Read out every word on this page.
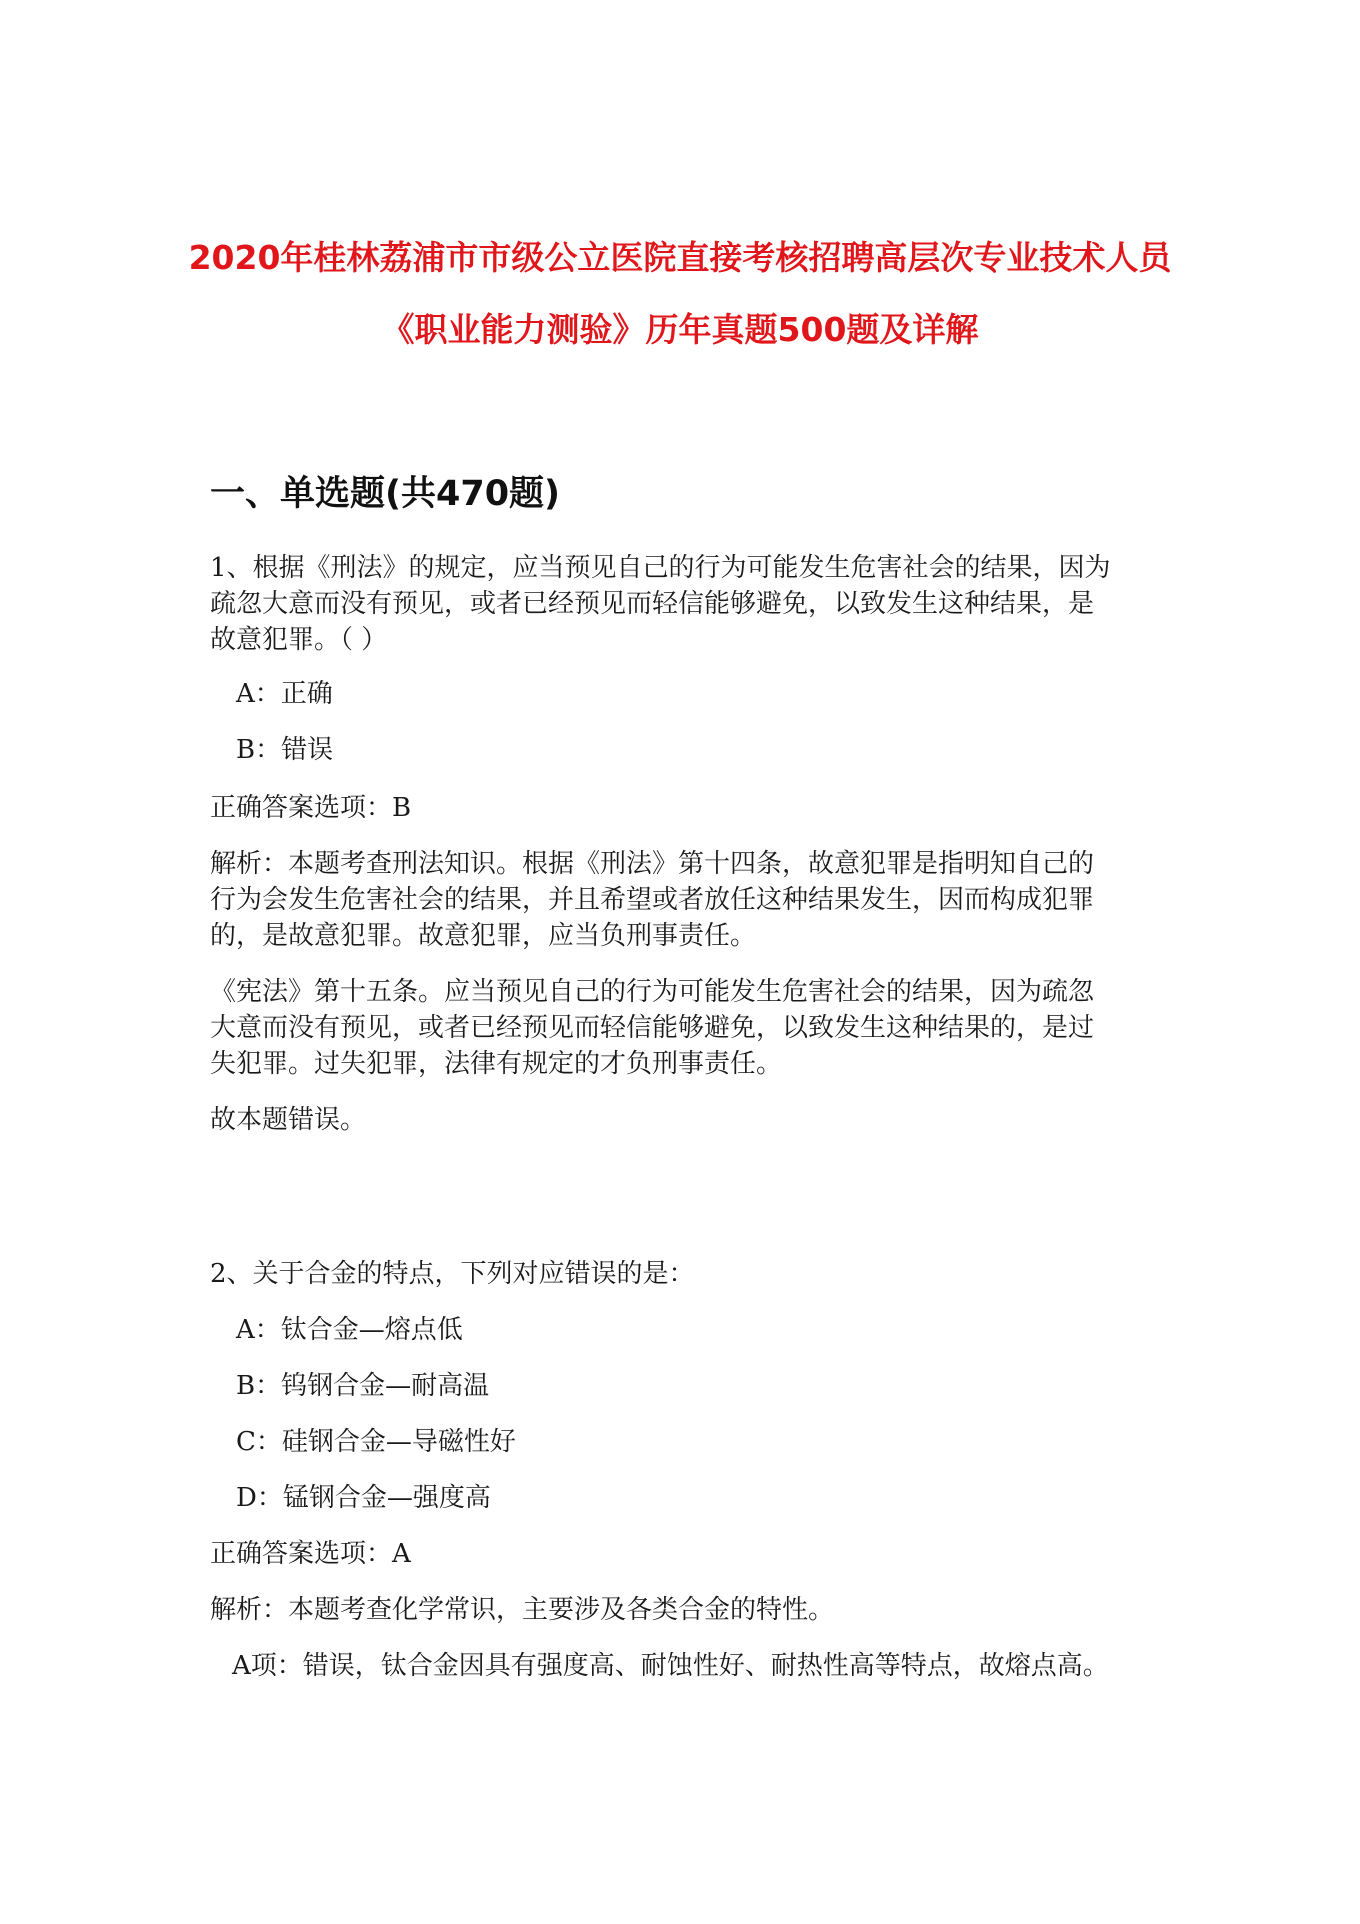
2020年桂林荔浦市市级公立医院直接考核招聘高层次专业技术人员
《职业能力测验》历年真题500题及详解
一、单选题(共470题)
1、根据《刑法》的规定，应当预见自己的行为可能发生危害社会的结果，因为
疏忽大意而没有预见，或者已经预见而轻信能够避免，以致发生这种结果，是
故意犯罪。（ ）
A：正确
B：错误
正确答案选项：B
解析：本题考查刑法知识。根据《刑法》第十四条，故意犯罪是指明知自己的
行为会发生危害社会的结果，并且希望或者放任这种结果发生，因而构成犯罪
的，是故意犯罪。故意犯罪，应当负刑事责任。
《宪法》第十五条。应当预见自己的行为可能发生危害社会的结果，因为疏忽
大意而没有预见，或者已经预见而轻信能够避免，以致发生这种结果的，是过
失犯罪。过失犯罪，法律有规定的才负刑事责任。
故本题错误。
2、关于合金的特点，下列对应错误的是：
A：钛合金—熔点低
B：钨钢合金—耐高温
C：硅钢合金—导磁性好
D：锰钢合金—强度高
正确答案选项：A
解析：本题考查化学常识，主要涉及各类合金的特性。
A项：错误，钛合金因具有强度高、耐蚀性好、耐热性高等特点，故熔点高。
